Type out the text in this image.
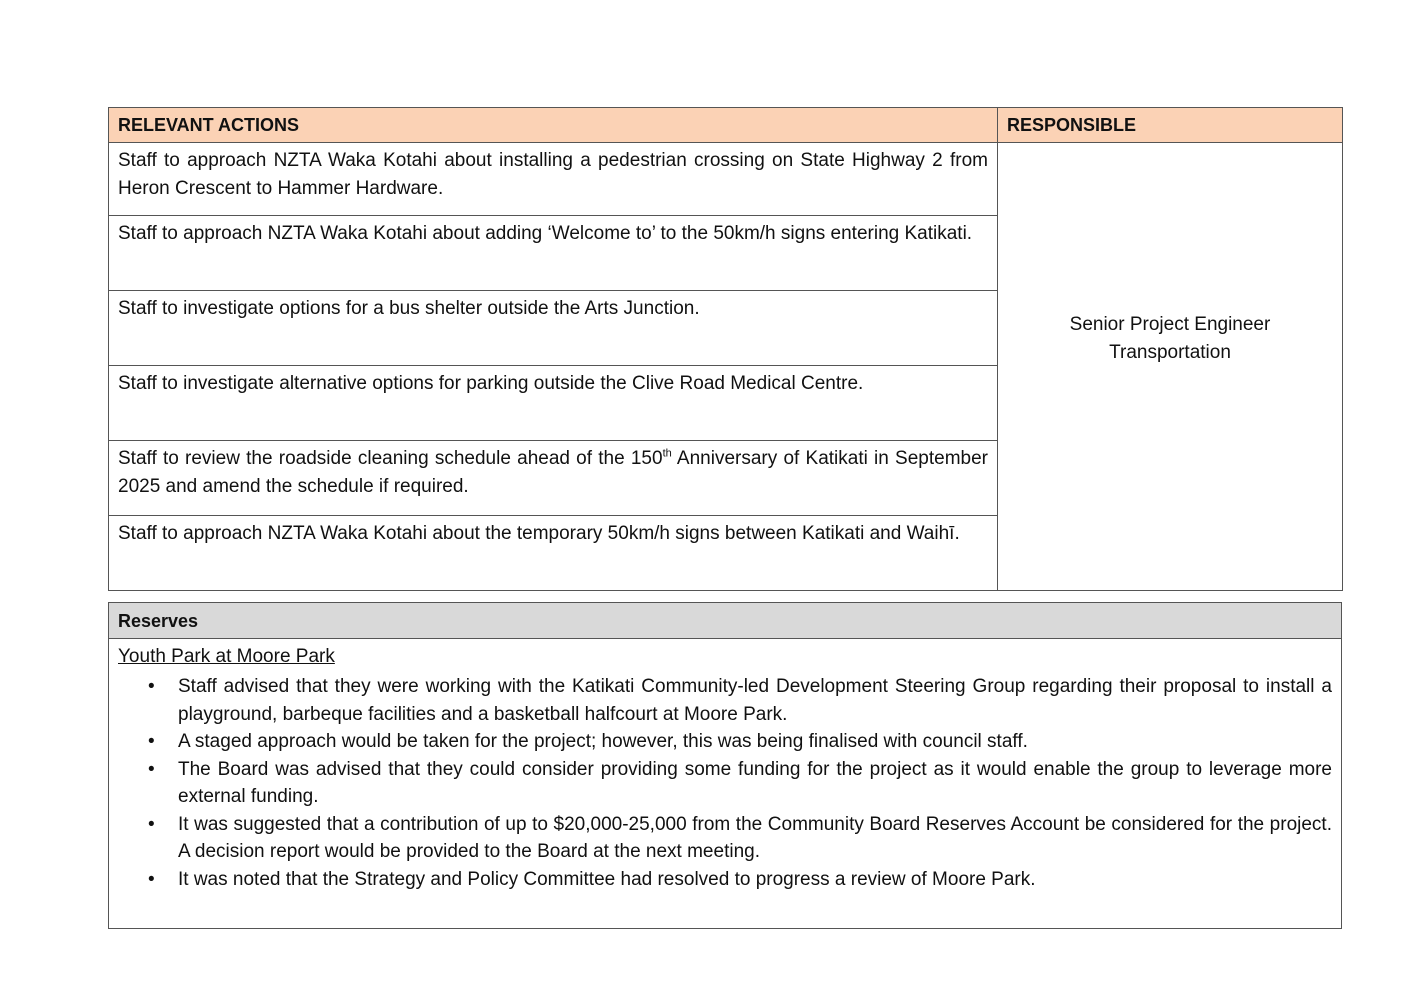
RELEVANT ACTIONS	RESPONSIBLE
Staff to approach NZTA Waka Kotahi about installing a pedestrian crossing on State Highway 2 from Heron Crescent to Hammer Hardware.	Senior Project Engineer
Transportation

Staff to approach NZTA Waka Kotahi about adding ‘Welcome to’ to the 50km/h signs entering Katikati.	
Staff to investigate options for a bus shelter outside the Arts Junction.	
Staff to investigate alternative options for parking outside the Clive Road Medical Centre.	
Staff to review the roadside cleaning schedule ahead of the 150th Anniversary of Katikati in September 2025 and amend the schedule if required.	
Staff to approach NZTA Waka Kotahi about the temporary 50km/h signs between Katikati and Waihī.	
Reserves
Youth Park at Moore Park
• Staff advised that they were working with the Katikati Community-led Development Steering Group regarding their proposal to install a playground, barbeque facilities and a basketball halfcourt at Moore Park.
• A staged approach would be taken for the project; however, this was being finalised with council staff.
• The Board was advised that they could consider providing some funding for the project as it would enable the group to leverage more external funding.
• It was suggested that a contribution of up to $20,000-25,000 from the Community Board Reserves Account be considered for the project. A decision report would be provided to the Board at the next meeting.
• It was noted that the Strategy and Policy Committee had resolved to progress a review of Moore Park.
